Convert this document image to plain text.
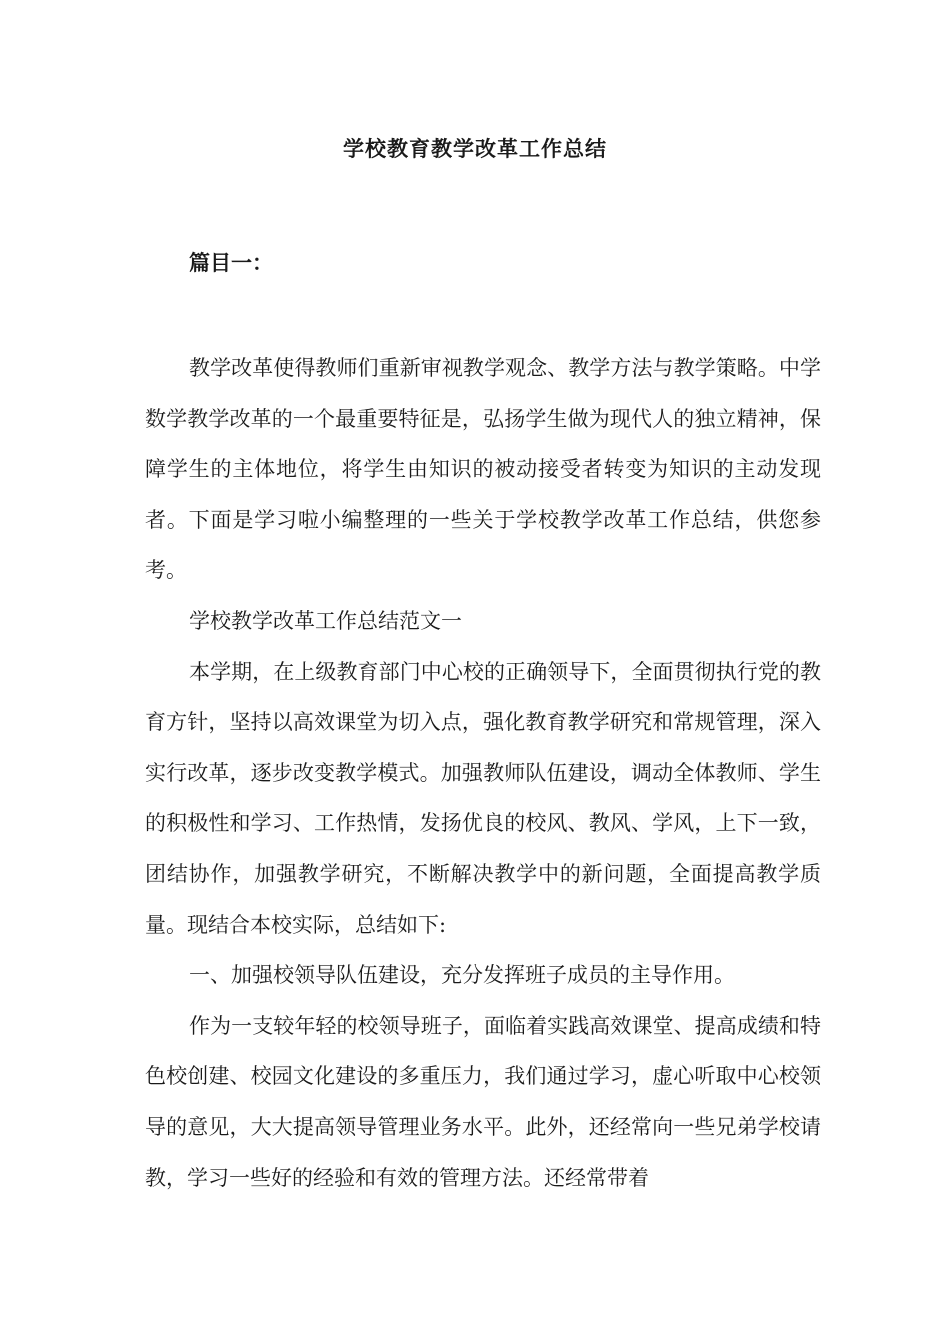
学校教育教学改革工作总结
篇目一：

教学改革使得教师们重新审视教学观念、教学方法与教学策略。中学数学教学改革的一个最重要特征是，弘扬学生做为现代人的独立精神，保障学生的主体地位，将学生由知识的被动接受者转变为知识的主动发现者。下面是学习啦小编整理的一些关于学校教学改革工作总结，供您参考。

学校教学改革工作总结范文一

本学期，在上级教育部门中心校的正确领导下，全面贯彻执行党的教育方针，坚持以高效课堂为切入点，强化教育教学研究和常规管理，深入实行改革，逐步改变教学模式。加强教师队伍建设，调动全体教师、学生的积极性和学习、工作热情，发扬优良的校风、教风、学风，上下一致，团结协作，加强教学研究，不断解决教学中的新问题，全面提高教学质量。现结合本校实际，总结如下:

一、加强校领导队伍建设，充分发挥班子成员的主导作用。

作为一支较年轻的校领导班子，面临着实践高效课堂、提高成绩和特色校创建、校园文化建设的多重压力，我们通过学习，虚心听取中心校领导的意见，大大提高领导管理业务水平。此外，还经常向一些兄弟学校请教，学习一些好的经验和有效的管理方法。还经常带着
